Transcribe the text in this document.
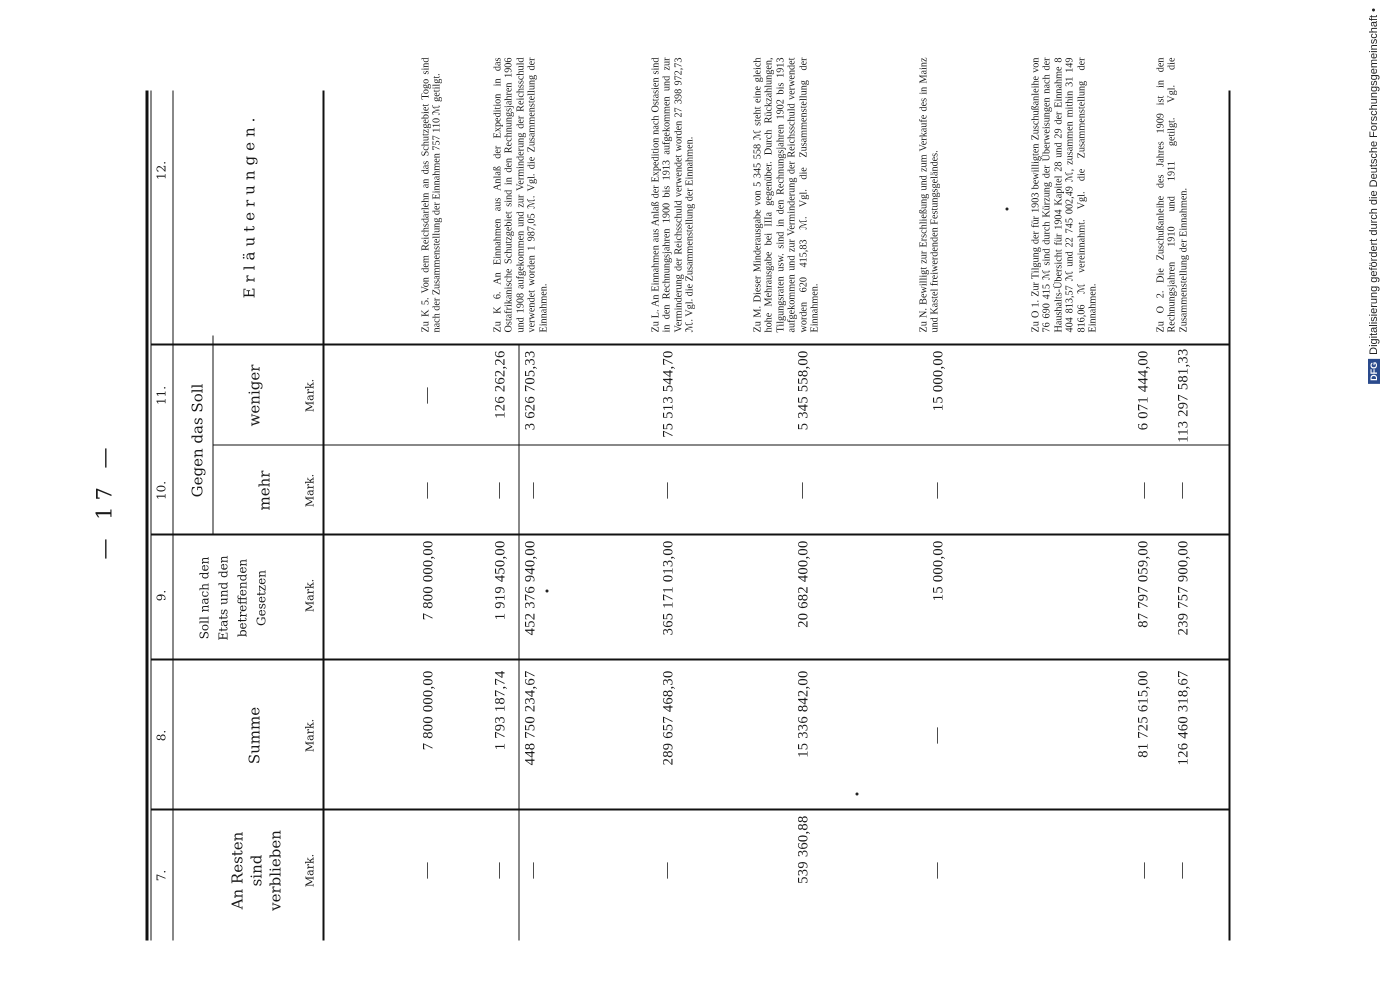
— 17 —
7.
8.
9.
10.
11.
12.
An Resten sind verblieben
Summe
Soll nach den Etats und den betreffenden Gesetzen
Gegen das Soll	mehr
weniger
Erläuterungen.
Mark.
Mark.
Mark.
Mark.
Mark.
—
7 800 000,00
7 800 000,00
—
—
Zu K 5. Von dem Reichsdarlehn an das Schutzgebiet Togo sind nach der Zusammenstellung der Einnahmen 757 110 ℳ getilgt.
—
1 793 187,74
1 919 450,00
—
126 262,26
—
448 750 234,67
452 376 940,00
—
3 626 705,33
Zu K 6. An Einnahmen aus Anlaß der Expedition in das Ostafrikanische Schutzgebiet sind in den Rechnungsjahren 1906 und 1908 aufgekommen und zur Verminderung der Reichsschuld verwendet worden 1 987,05 ℳ. Vgl. die Zusammenstellung der Einnahmen.
—
289 657 468,30
365 171 013,00
—
75 513 544,70
Zu L. An Einnahmen aus Anlaß der Expedition nach Ostasien sind in den Rechnungsjahren 1900 bis 1913 aufgekommen und zur Verminderung der Reichsschuld verwendet worden 27 398 972,73 ℳ. Vgl. die Zusammenstellung der Einnahmen.
539 360,88
15 336 842,00
20 682 400,00
—
5 345 558,00
Zu M. Dieser Minderausgabe von 5 345 558 ℳ steht eine gleich hohe Mehrausgabe bei IIIa gegenüber. Durch Rückzahlungen, Tilgungsraten usw. sind in den Rechnungsjahren 1902 bis 1913 aufgekommen und zur Verminderung der Reichsschuld verwendet worden 620 415,83 ℳ. Vgl. die Zusammenstellung der Einnahmen.
—
—
15 000,00
—
15 000,00
Zu N. Bewilligt zur Erschließung und zum Verkaufe des in Mainz und Kastel freiwerdenden Festungsgeländes.
—
81 725 615,00
87 797 059,00
—
6 071 444,00
Zu O 1. Zur Tilgung der für 1903 bewilligten Zuschußanleihe von 76 690 415 ℳ sind durch Kürzung der Überweisungen nach der Haushalts-Übersicht für 1904 Kapitel 28 und 29 der Einnahme 8 404 813,57 ℳ und 22 745 002,49 ℳ, zusammen mithin 31 149 816,06 ℳ vereinnahmt. Vgl. die Zusammenstellung der Einnahmen.
—
126 460 318,67
239 757 900,00
—
113 297 581,33
Zu O 2. Die Zuschußanleihe des Jahres 1909 ist in den Rechnungsjahren 1910 und 1911 getilgt. Vgl. die Zusammenstellung der Einnahmen.
DFG
Digitalisierung gefördert durch die Deutsche Forschungsgemeinschaft •
